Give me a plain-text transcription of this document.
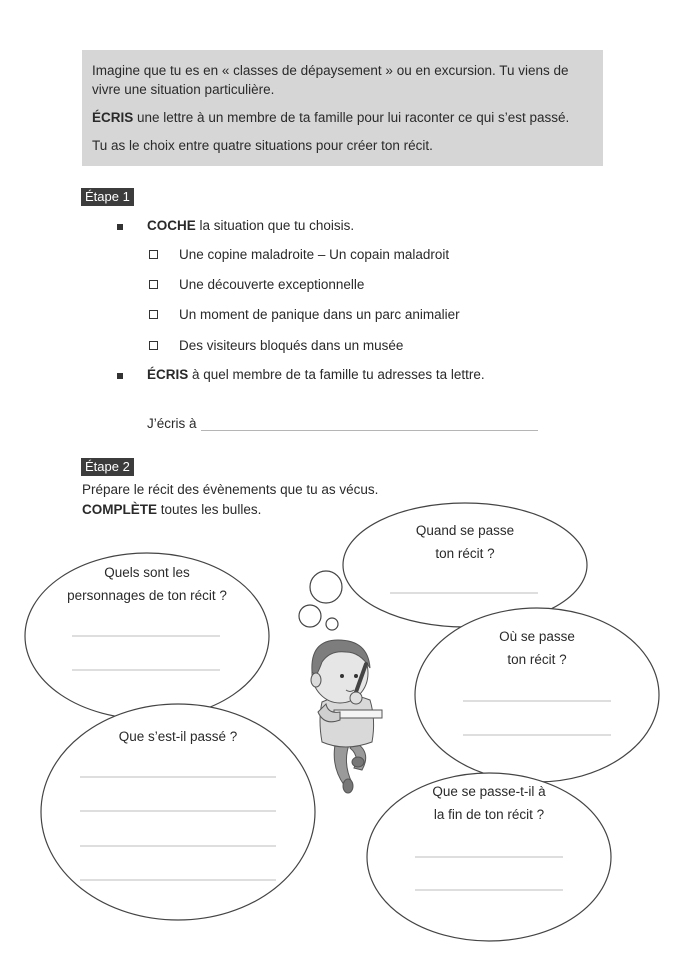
Imagine que tu es en « classes de dépaysement » ou en excursion. Tu viens de vivre une situation particulière.

ÉCRIS une lettre à un membre de ta famille pour lui raconter ce qui s’est passé.

Tu as le choix entre quatre situations pour créer ton récit.

Étape 1
COCHE la situation que tu choisis.
Une copine maladroite – Un copain maladroit
Une découverte exceptionnelle
Un moment de panique dans un parc animalier
Des visiteurs bloqués dans un musée
ÉCRIS à quel membre de ta famille tu adresses ta lettre.
J’écris à
Étape 2
Prépare le récit des évènements que tu as vécus.
COMPLÈTE toutes les bulles.
Quand se passe
ton récit ?
Quels sont les
personnages de ton récit ?
Où se passe
ton récit ?
Que s’est-il passé ?
Que se passe-t-il à
la fin de ton récit ?
